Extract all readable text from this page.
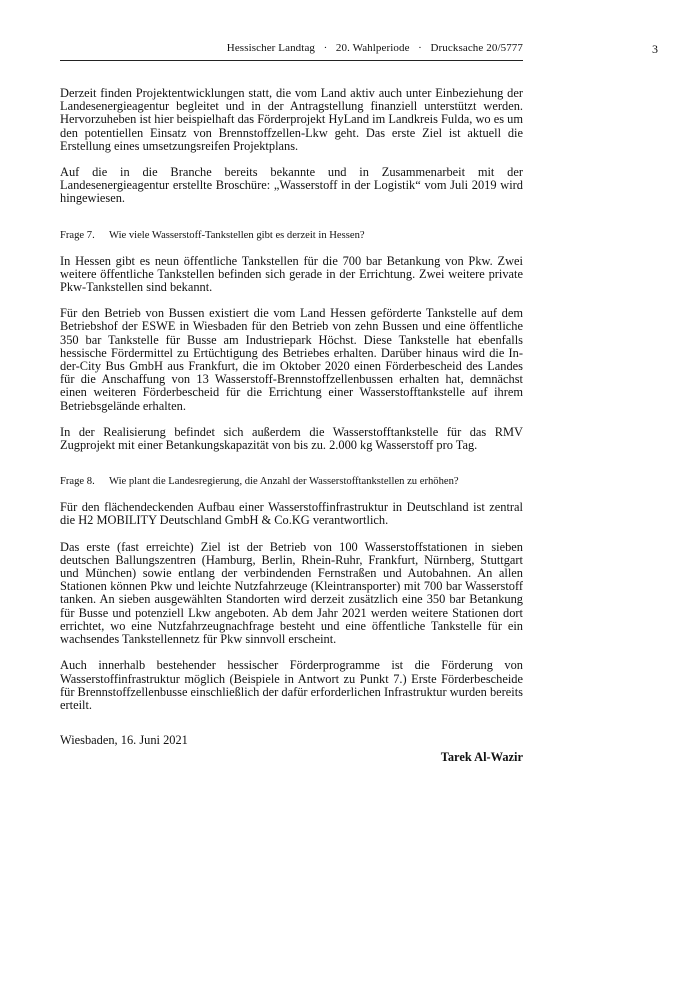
Hessischer Landtag   ·   20. Wahlperiode   ·   Drucksache 20/5777	3

Derzeit finden Projektentwicklungen statt, die vom Land aktiv auch unter Einbeziehung der Landesenergieagentur begleitet und in der Antragstellung finanziell unterstützt werden. Hervorzuheben ist hier beispielhaft das Förderprojekt HyLand im Landkreis Fulda, wo es um den potentiellen Einsatz von Brennstoffzellen-Lkw geht. Das erste Ziel ist aktuell die Erstellung eines umsetzungsreifen Projektplans.

Auf die in die Branche bereits bekannte und in Zusammenarbeit mit der Landesenergieagentur erstellte Broschüre: „Wasserstoff in der Logistik“ vom Juli 2019 wird hingewiesen.

Frage 7.	Wie viele Wasserstoff-Tankstellen gibt es derzeit in Hessen?

In Hessen gibt es neun öffentliche Tankstellen für die 700 bar Betankung von Pkw. Zwei weitere öffentliche Tankstellen befinden sich gerade in der Errichtung. Zwei weitere private Pkw-Tankstellen sind bekannt.

Für den Betrieb von Bussen existiert die vom Land Hessen geförderte Tankstelle auf dem Betriebshof der ESWE in Wiesbaden für den Betrieb von zehn Bussen und eine öffentliche 350 bar Tankstelle für Busse am Industriepark Höchst. Diese Tankstelle hat ebenfalls hessische Fördermittel zu Ertüchtigung des Betriebes erhalten. Darüber hinaus wird die In-der-City Bus GmbH aus Frankfurt, die im Oktober 2020 einen Förderbescheid des Landes für die Anschaffung von 13 Wasserstoff-Brennstoffzellenbussen erhalten hat, demnächst einen weiteren Förderbescheid für die Errichtung einer Wasserstofftankstelle auf ihrem Betriebsgelände erhalten.

In der Realisierung befindet sich außerdem die Wasserstofftankstelle für das RMV Zugprojekt mit einer Betankungskapazität von bis zu. 2.000 kg Wasserstoff pro Tag.

Frage 8.	Wie plant die Landesregierung, die Anzahl der Wasserstofftankstellen zu erhöhen?

Für den flächendeckenden Aufbau einer Wasserstoffinfrastruktur in Deutschland ist zentral die H2 MOBILITY Deutschland GmbH & Co.KG verantwortlich.

Das erste (fast erreichte) Ziel ist der Betrieb von 100 Wasserstoffstationen in sieben deutschen Ballungszentren (Hamburg, Berlin, Rhein-Ruhr, Frankfurt, Nürnberg, Stuttgart und München) sowie entlang der verbindenden Fernstraßen und Autobahnen. An allen Stationen können Pkw und leichte Nutzfahrzeuge (Kleintransporter) mit 700 bar Wasserstoff tanken. An sieben ausgewählten Standorten wird derzeit zusätzlich eine 350 bar Betankung für Busse und potenziell Lkw angeboten. Ab dem Jahr 2021 werden weitere Stationen dort errichtet, wo eine Nutzfahrzeugnachfrage besteht und eine öffentliche Tankstelle für ein wachsendes Tankstellennetz für Pkw sinnvoll erscheint.

Auch innerhalb bestehender hessischer Förderprogramme ist die Förderung von Wasserstoffinfrastruktur möglich (Beispiele in Antwort zu Punkt 7.) Erste Förderbescheide für Brennstoffzellenbusse einschließlich der dafür erforderlichen Infrastruktur wurden bereits erteilt.

Wiesbaden, 16. Juni 2021
Tarek Al-Wazir
